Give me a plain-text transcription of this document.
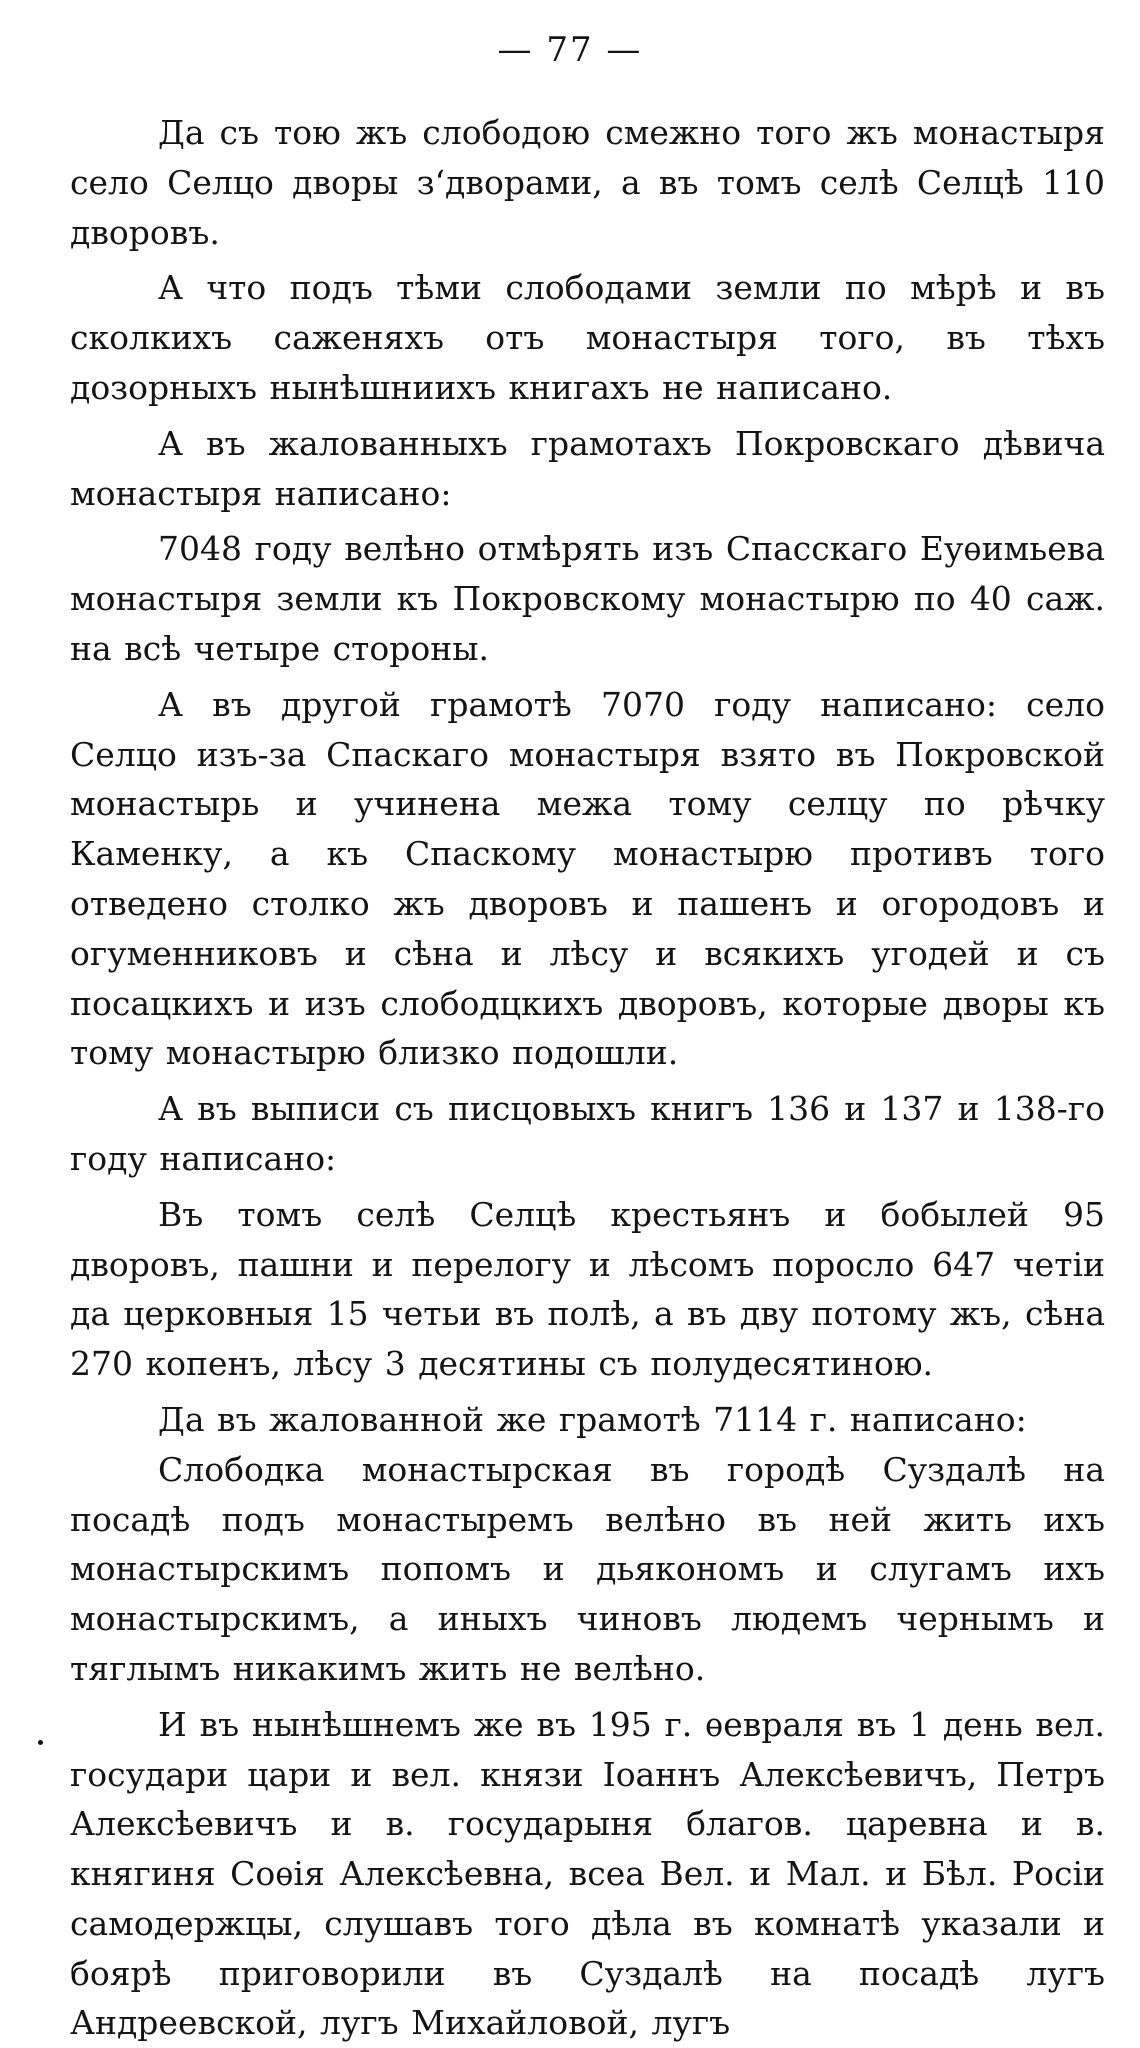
— 77 —

Да съ тою жъ слободою смежно того жъ монастыря село Селцо дворы зʻдворами, а въ томъ селѣ Селцѣ 110 дворовъ.

А что подъ тѣми слободами земли по мѣрѣ и въ сколкихъ саженяхъ отъ монастыря того, въ тѣхъ дозорныхъ нынѣшниихъ книгахъ не написано.

А въ жалованныхъ грамотахъ Покровскаго дѣвича монастыря написано:

7048 году велѣно отмѣрять изъ Спасскаго Еуѳимьева монастыря земли къ Покровскому монастырю по 40 саж. на всѣ четыре стороны.

А въ другой грамотѣ 7070 году написано: село Селцо изъ-за Спаскаго монастыря взято въ Покровской монастырь и учинена межа тому селцу по рѣчку Каменку, а къ Спаскому монастырю противъ того отведено столко жъ дворовъ и пашенъ и огородовъ и огуменниковъ и сѣна и лѣсу и всякихъ угодей и съ посацкихъ и изъ слободцкихъ дворовъ, которые дворы къ тому монастырю близко подошли.

А въ выписи съ писцовыхъ книгъ 136 и 137 и 138-го году написано:

Въ томъ селѣ Селцѣ крестьянъ и бобылей 95 дворовъ, пашни и перелогу и лѣсомъ поросло 647 четiи да церковныя 15 четьи въ полѣ, а въ дву потому жъ, сѣна 270 копенъ, лѣсу 3 десятины съ полудесятиною.

Да въ жалованной же грамотѣ 7114 г. написано:

Слободка монастырская въ городѣ Суздалѣ на посадѣ подъ монастыремъ велѣно въ ней жить ихъ монастырскимъ попомъ и дьякономъ и слугамъ ихъ монастырскимъ, а иныхъ чиновъ людемъ чернымъ и тяглымъ никакимъ жить не велѣно.

И въ нынѣшнемъ же въ 195 г. ѳевраля въ 1 день вел. государи цари и вел. князи Iоаннъ Алексѣевичъ, Петръ Алексѣевичъ и в. государыня благов. царевна и в. княгиня Соѳiя Алексѣевна, всеа Вел. и Мал. и Бѣл. Росiи самодержцы, слушавъ того дѣла въ комнатѣ указали и боярѣ приговорили въ Суздалѣ на посадѣ лугъ Андреевской, лугъ Михайловой, лугъ
